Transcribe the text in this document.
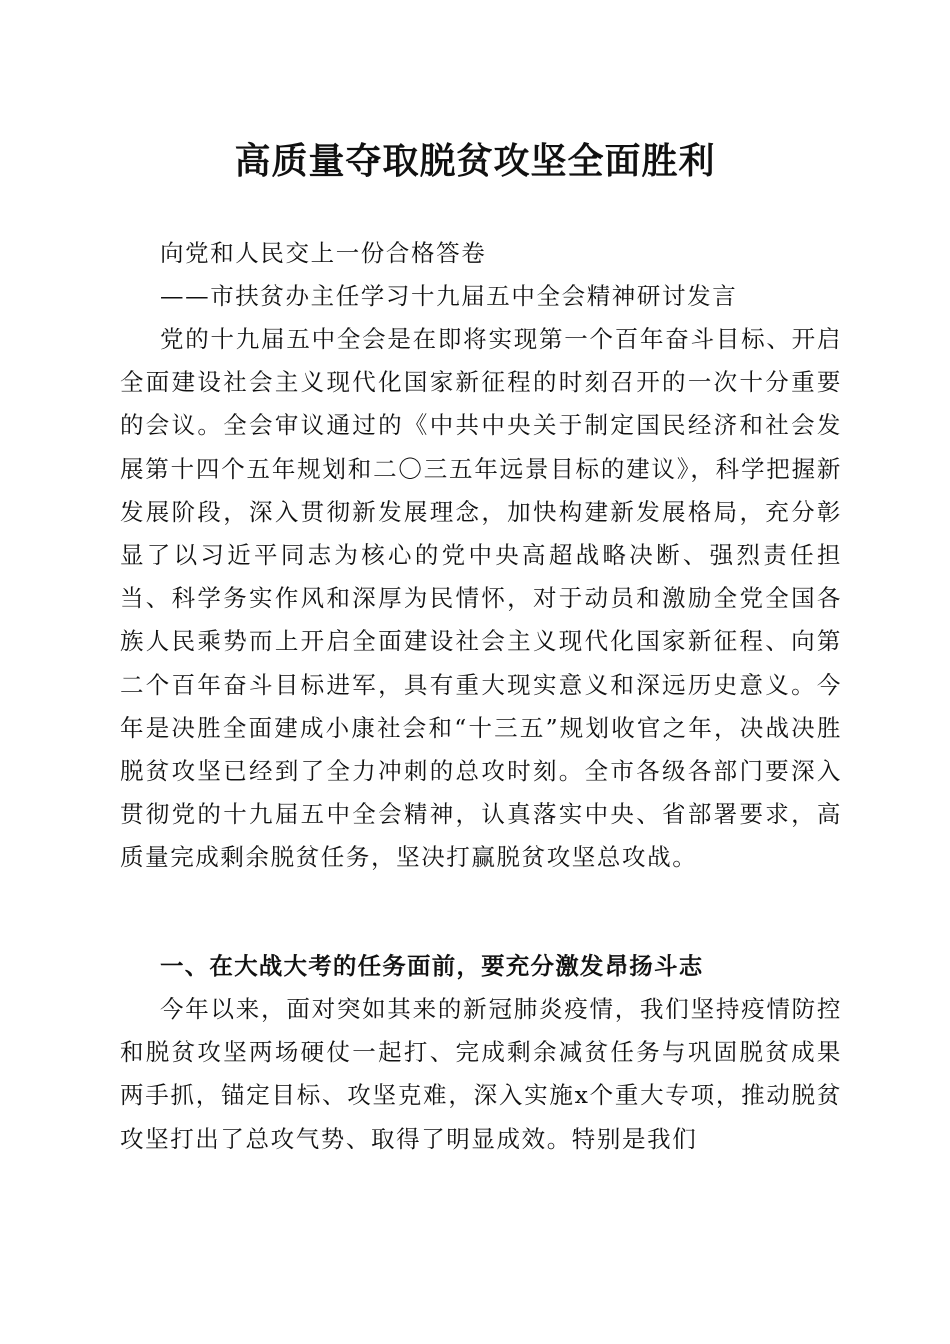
高质量夺取脱贫攻坚全面胜利
向党和人民交上一份合格答卷
——市扶贫办主任学习十九届五中全会精神研讨发言

党的十九届五中全会是在即将实现第一个百年奋斗目标、开启全面建设社会主义现代化国家新征程的时刻召开的一次十分重要的会议。全会审议通过的《中共中央关于制定国民经济和社会发展第十四个五年规划和二〇三五年远景目标的建议》，科学把握新发展阶段，深入贯彻新发展理念，加快构建新发展格局，充分彰显了以习近平同志为核心的党中央高超战略决断、强烈责任担当、科学务实作风和深厚为民情怀，对于动员和激励全党全国各族人民乘势而上开启全面建设社会主义现代化国家新征程、向第二个百年奋斗目标进军，具有重大现实意义和深远历史意义。今年是决胜全面建成小康社会和“十三五”规划收官之年，决战决胜脱贫攻坚已经到了全力冲刺的总攻时刻。全市各级各部门要深入贯彻党的十九届五中全会精神，认真落实中央、省部署要求，高质量完成剩余脱贫任务，坚决打赢脱贫攻坚总攻战。

一、在大战大考的任务面前，要充分激发昂扬斗志

今年以来，面对突如其来的新冠肺炎疫情，我们坚持疫情防控和脱贫攻坚两场硬仗一起打、完成剩余减贫任务与巩固脱贫成果两手抓，锚定目标、攻坚克难，深入实施x个重大专项，推动脱贫攻坚打出了总攻气势、取得了明显成效。特别是我们
